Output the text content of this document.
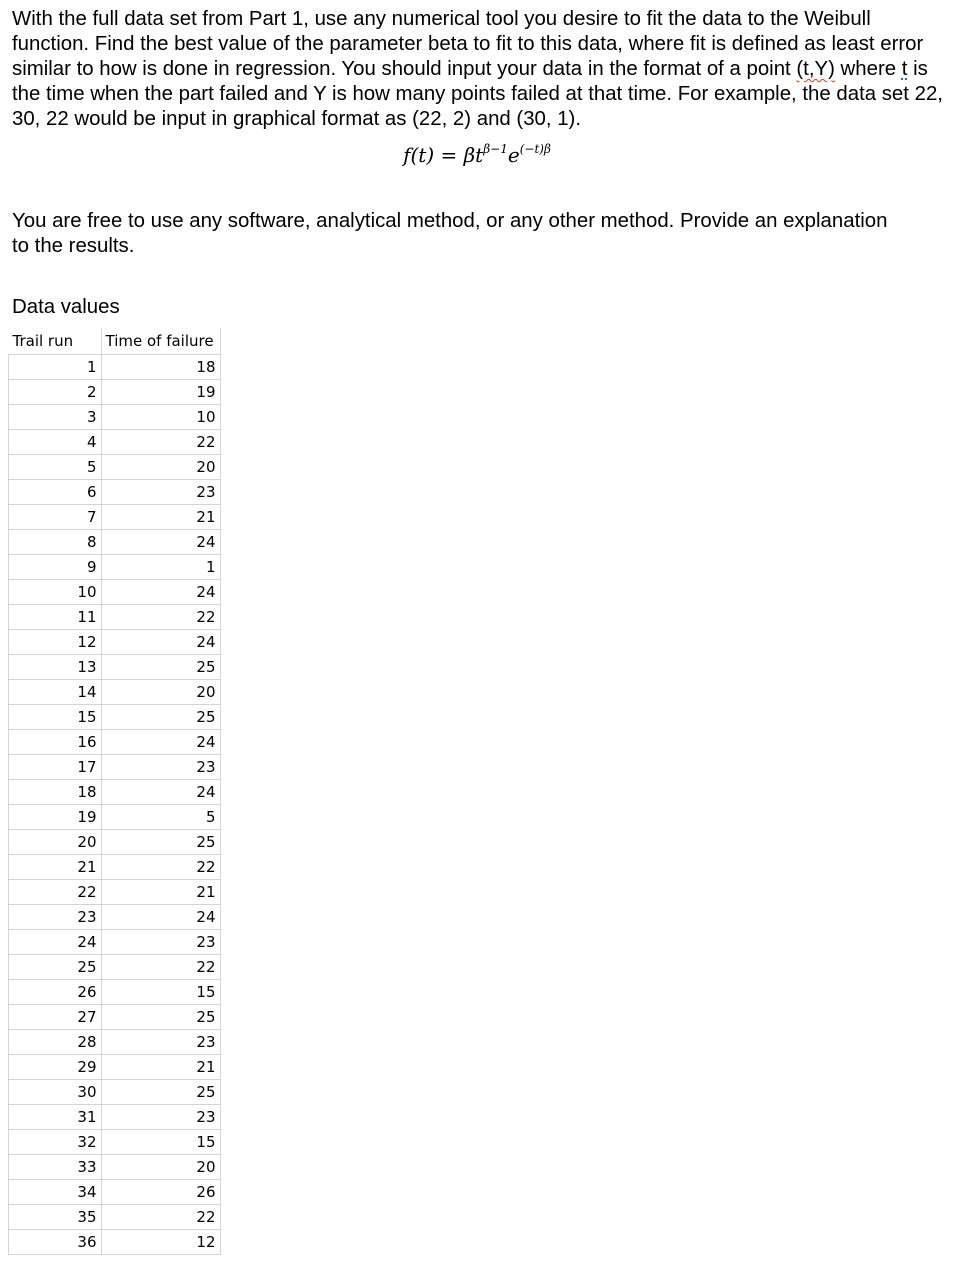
With the full data set from Part 1, use any numerical tool you desire to fit the data to the Weibull function. Find the best value of the parameter beta to fit to this data, where fit is defined as least error similar to how is done in regression. You should input your data in the format of a point (t,Y) where t is the time when the part failed and Y is how many points failed at that time. For example, the data set 22, 30, 22 would be input in graphical format as (22, 2) and (30, 1).

$f(t) = \beta t^{\beta-1}e^{(-t)\beta}$

You are free to use any software, analytical method, or any other method. Provide an explanation to the results.

Data values
Trail run	Time of failure
1	18
2	19
3	10
4	22
5	20
6	23
7	21
8	24
9	1
10	24
11	22
12	24
13	25
14	20
15	25
16	24
17	23
18	24
19	5
20	25
21	22
22	21
23	24
24	23
25	22
26	15
27	25
28	23
29	21
30	25
31	23
32	15
33	20
34	26
35	22
36	12
